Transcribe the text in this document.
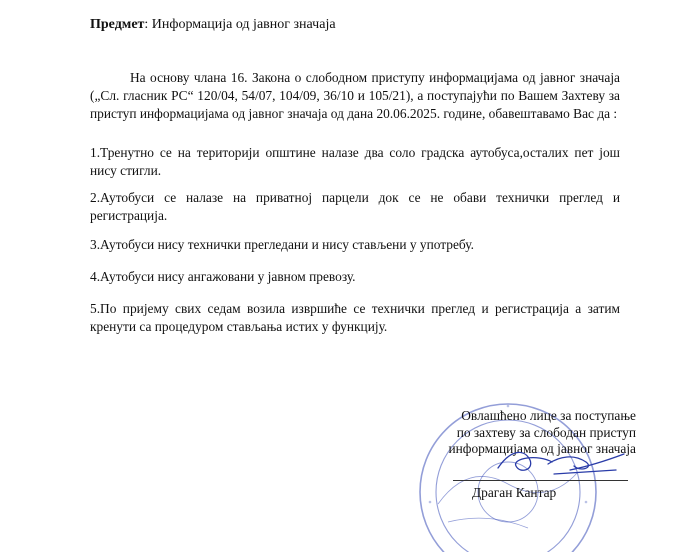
Предмет: Информација од јавног значаја
На основу члана 16. Закона о слободном приступу информацијама од јавног значаја („Сл. гласник РС“ 120/04, 54/07, 104/09, 36/10 и 105/21), а поступајући по Вашем Захтеву за приступ информацијама од јавног значаја од дана 20.06.2025. године, обавештавамо Вас да :
1.Тренутно се на територији општине налазе два соло градска аутобуса,осталих пет још нису стигли.
2.Аутобуси се налазе на приватној парцели док се не обави технички преглед и регистрација.
3.Аутобуси нису технички прегледани и нису стављени у употребу.
4.Аутобуси нису ангажовани у јавном превозу.
5.По пријему свих седам возила извршиће се технички преглед и регистрација а затим кренути са процедуром стављања истих у функцију.
Овлашћено лице за поступање
по захтеву за слободан приступ
информацијама од јавног значаја
Драган Кантар
